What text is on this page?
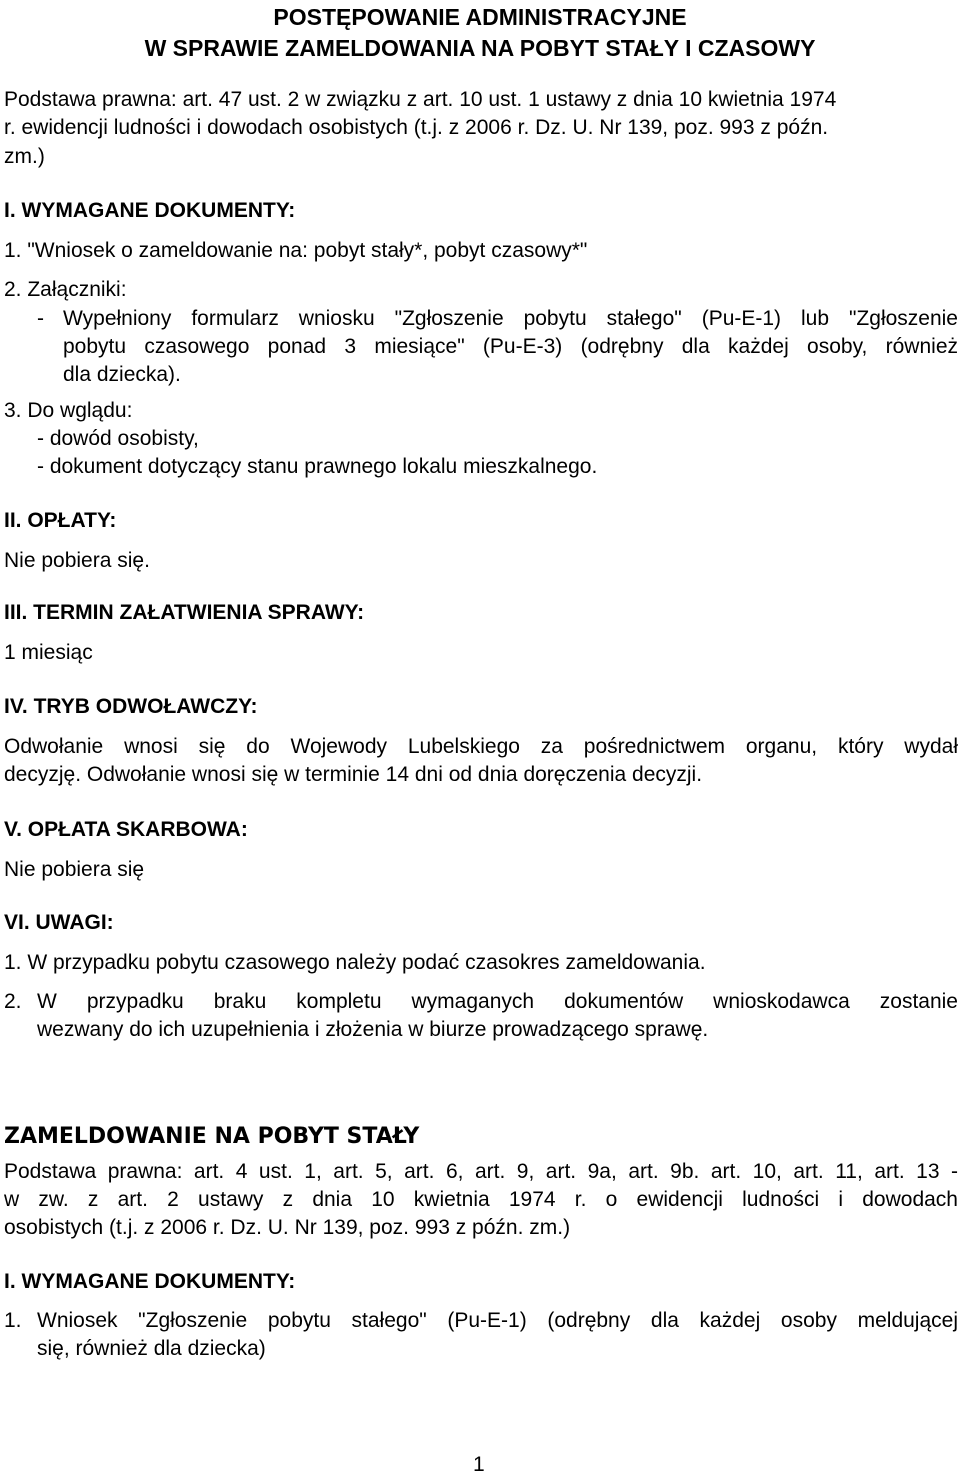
POSTĘPOWANIE ADMINISTRACYJNE
W SPRAWIE ZAMELDOWANIA NA POBYT STAŁY I CZASOWY
Podstawa prawna: art. 47 ust. 2 w związku z art. 10 ust. 1 ustawy z dnia 10 kwietnia 1974
r. ewidencji ludności i dowodach osobistych (t.j. z 2006 r. Dz. U. Nr 139, poz. 993 z późn.
zm.)
I. WYMAGANE DOKUMENTY:
1. "Wniosek o zameldowanie na: pobyt stały*, pobyt czasowy*"
2. Załączniki:
- Wypełniony formularz wniosku "Zgłoszenie pobytu stałego" (Pu-E-1) lub "Zgłoszenie
pobytu czasowego ponad 3 miesiące" (Pu-E-3) (odrębny dla każdej osoby, również
dla dziecka).
3. Do wglądu:
- dowód osobisty,
- dokument dotyczący stanu prawnego lokalu mieszkalnego.
II. OPŁATY:
Nie pobiera się.
III. TERMIN ZAŁATWIENIA SPRAWY:
1 miesiąc
IV. TRYB ODWOŁAWCZY:
Odwołanie wnosi się do Wojewody Lubelskiego za pośrednictwem organu, który wydał
decyzję. Odwołanie wnosi się w terminie 14 dni od dnia doręczenia decyzji.
V. OPŁATA SKARBOWA:
Nie pobiera się
VI. UWAGI:
1. W przypadku pobytu czasowego należy podać czasokres zameldowania.
2. W przypadku braku kompletu wymaganych dokumentów wnioskodawca zostanie
wezwany do ich uzupełnienia i złożenia w biurze prowadzącego sprawę.
ZAMELDOWANIE NA POBYT STAŁY
Podstawa prawna: art. 4 ust. 1, art. 5, art. 6, art. 9, art. 9a, art. 9b. art. 10, art. 11, art. 13 -
w zw. z art. 2 ustawy z dnia 10 kwietnia 1974 r. o ewidencji ludności i dowodach
osobistych (t.j. z 2006 r. Dz. U. Nr 139, poz. 993 z późn. zm.)
I. WYMAGANE DOKUMENTY:
1. Wniosek "Zgłoszenie pobytu stałego" (Pu-E-1) (odrębny dla każdej osoby meldującej
się, również dla dziecka)
1
